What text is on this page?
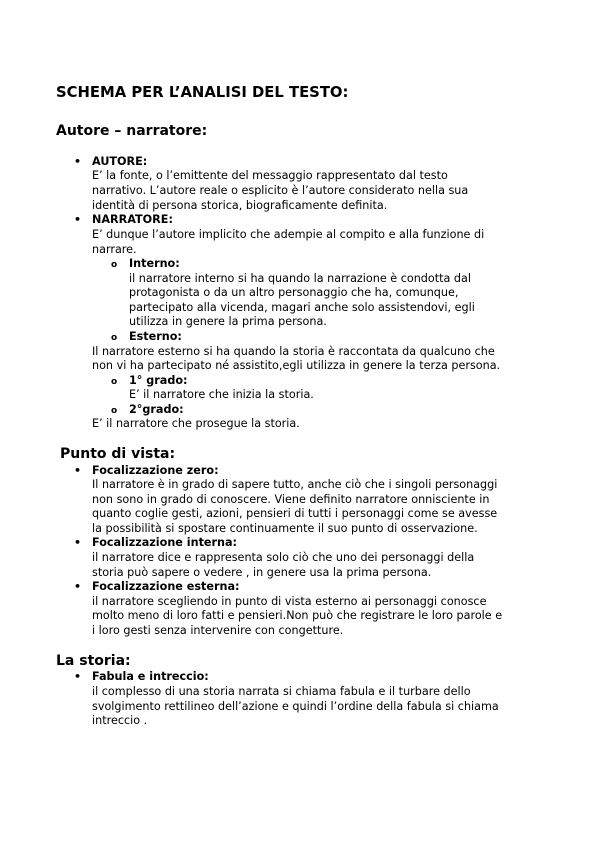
SCHEMA PER L’ANALISI DEL TESTO:
Autore – narratore:
• AUTORE:
E’ la fonte, o l’emittente del messaggio rappresentato dal testo
narrativo. L’autore reale o esplicito è l’autore considerato nella sua
identità di persona storica, biograficamente definita.
• NARRATORE:
E’ dunque l’autore implicito che adempie al compito e alla funzione di
narrare.
o Interno:
il narratore interno si ha quando la narrazione è condotta dal
protagonista o da un altro personaggio che ha, comunque,
partecipato alla vicenda, magari anche solo assistendovi, egli
utilizza in genere la prima persona.
o Esterno:
Il narratore esterno si ha quando la storia è raccontata da qualcuno che
non vi ha partecipato né assistito,egli utilizza in genere la terza persona.
o 1° grado:
E’ il narratore che inizia la storia.
o 2°grado:
E’ il narratore che prosegue la storia.
Punto di vista:
• Focalizzazione zero:
Il narratore è in grado di sapere tutto, anche ciò che i singoli personaggi
non sono in grado di conoscere. Viene definito narratore onnisciente in
quanto coglie gesti, azioni, pensieri di tutti i personaggi come se avesse
la possibilità si spostare continuamente il suo punto di osservazione.
• Focalizzazione interna:
il narratore dice e rappresenta solo ciò che uno dei personaggi della
storia può sapere o vedere , in genere usa la prima persona.
• Focalizzazione esterna:
il narratore scegliendo in punto di vista esterno ai personaggi conosce
molto meno di loro fatti e pensieri.Non può che registrare le loro parole e
i loro gesti senza intervenire con congetture.
La storia:
• Fabula e intreccio:
il complesso di una storia narrata si chiama fabula e il turbare dello
svolgimento rettilineo dell’azione e quindi l’ordine della fabula si chiama
intreccio .
